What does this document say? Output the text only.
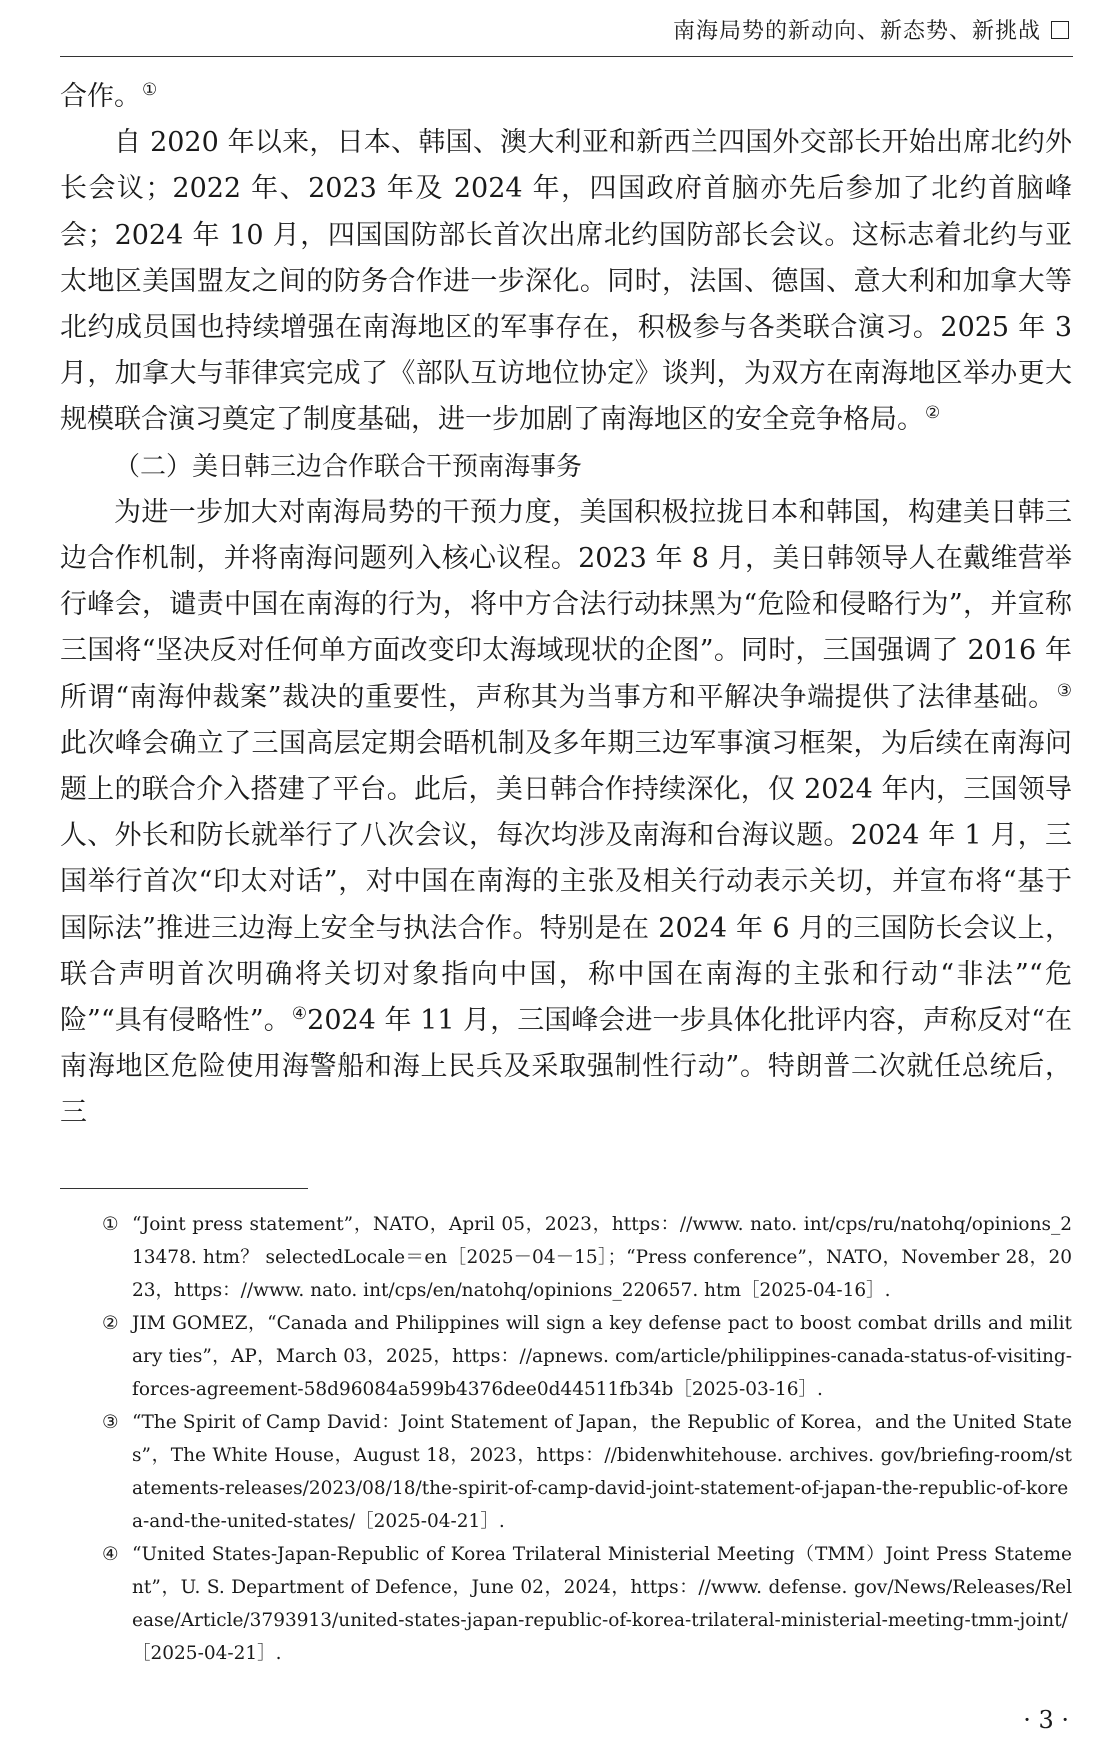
南海局势的新动向、新态势、新挑战

合作。①

自 2020 年以来，日本、韩国、澳大利亚和新西兰四国外交部长开始出席北约外长会议；2022 年、2023 年及 2024 年，四国政府首脑亦先后参加了北约首脑峰会；2024 年 10 月，四国国防部长首次出席北约国防部长会议。这标志着北约与亚太地区美国盟友之间的防务合作进一步深化。同时，法国、德国、意大利和加拿大等北约成员国也持续增强在南海地区的军事存在，积极参与各类联合演习。2025 年 3 月，加拿大与菲律宾完成了《部队互访地位协定》谈判，为双方在南海地区举办更大规模联合演习奠定了制度基础，进一步加剧了南海地区的安全竞争格局。②

（二）美日韩三边合作联合干预南海事务

为进一步加大对南海局势的干预力度，美国积极拉拢日本和韩国，构建美日韩三边合作机制，并将南海问题列入核心议程。2023 年 8 月，美日韩领导人在戴维营举行峰会，谴责中国在南海的行为，将中方合法行动抹黑为“危险和侵略行为”，并宣称三国将“坚决反对任何单方面改变印太海域现状的企图”。同时，三国强调了 2016 年所谓“南海仲裁案”裁决的重要性，声称其为当事方和平解决争端提供了法律基础。③ 此次峰会确立了三国高层定期会晤机制及多年期三边军事演习框架，为后续在南海问题上的联合介入搭建了平台。此后，美日韩合作持续深化，仅 2024 年内，三国领导人、外长和防长就举行了八次会议，每次均涉及南海和台海议题。2024 年 1 月，三国举行首次“印太对话”，对中国在南海的主张及相关行动表示关切，并宣布将“基于国际法”推进三边海上安全与执法合作。特别是在 2024 年 6 月的三国防长会议上，联合声明首次明确将关切对象指向中国，称中国在南海的主张和行动“非法”“危险”“具有侵略性”。④2024 年 11 月，三国峰会进一步具体化批评内容，声称反对“在南海地区危险使用海警船和海上民兵及采取强制性行动”。特朗普二次就任总统后，三

① “Joint press statement”，NATO，April 05，2023，https：//www. nato. int/cps/ru/natohq/opinions_213478. htm？ selectedLocale＝en［2025－04－15］；“Press conference”，NATO，November 28，2023，https：//www. nato. int/cps/en/natohq/opinions_220657. htm［2025-04-16］.

② JIM GOMEZ，“Canada and Philippines will sign a key defense pact to boost combat drills and military ties”，AP，March 03，2025，https：//apnews. com/article/philippines-canada-status-of-visiting-forces-agreement-58d96084a599b4376dee0d44511fb34b［2025-03-16］.

③ “The Spirit of Camp David：Joint Statement of Japan，the Republic of Korea，and the United States”，The White House，August 18，2023，https：//bidenwhitehouse. archives. gov/briefing-room/statements-releases/2023/08/18/the-spirit-of-camp-david-joint-statement-of-japan-the-republic-of-korea-and-the-united-states/［2025-04-21］.

④ “United States-Japan-Republic of Korea Trilateral Ministerial Meeting（TMM）Joint Press Statement”，U. S. Department of Defence，June 02，2024，https：//www. defense. gov/News/Releases/Release/Article/3793913/united-states-japan-republic-of-korea-trilateral-ministerial-meeting-tmm-joint/［2025-04-21］.

· 3 ·
